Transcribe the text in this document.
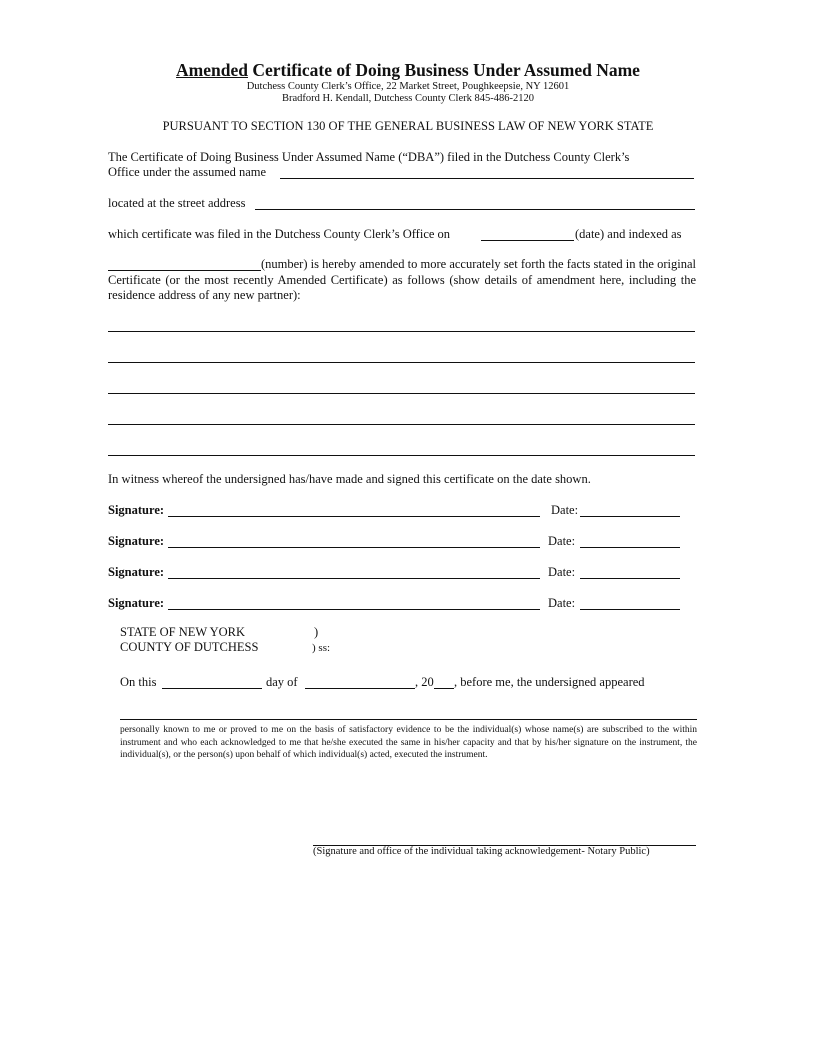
Amended Certificate of Doing Business Under Assumed Name
Dutchess County Clerk’s Office, 22 Market Street, Poughkeepsie, NY 12601
Bradford H. Kendall, Dutchess County Clerk 845-486-2120
PURSUANT TO SECTION 130 OF THE GENERAL BUSINESS LAW OF NEW YORK STATE
The Certificate of Doing Business Under Assumed Name (“DBA”) filed in the Dutchess County Clerk’s
Office under the assumed name
located at the street address
which certificate was filed in the Dutchess County Clerk’s Office on	(date) and indexed as
(number) is hereby amended to more accurately set forth the facts stated in the original Certificate (or the most recently Amended Certificate) as follows (show details of amendment here, including the residence address of any new partner):
In witness whereof the undersigned has/have made and signed this certificate on the date shown.
Signature:	Date:
Signature:	Date:
Signature:	Date:
Signature:	Date:
STATE OF NEW YORK	)
COUNTY OF DUTCHESS	) ss:
On this	day of	, 20 , before me, the undersigned appeared
personally known to me or proved to me on the basis of satisfactory evidence to be the individual(s) whose name(s) are subscribed to the within instrument and who each acknowledged to me that he/she executed the same in his/her capacity and that by his/her signature on the instrument, the individual(s), or the person(s) upon behalf of which individual(s) acted, executed the instrument.
(Signature and office of the individual taking acknowledgement- Notary Public)
